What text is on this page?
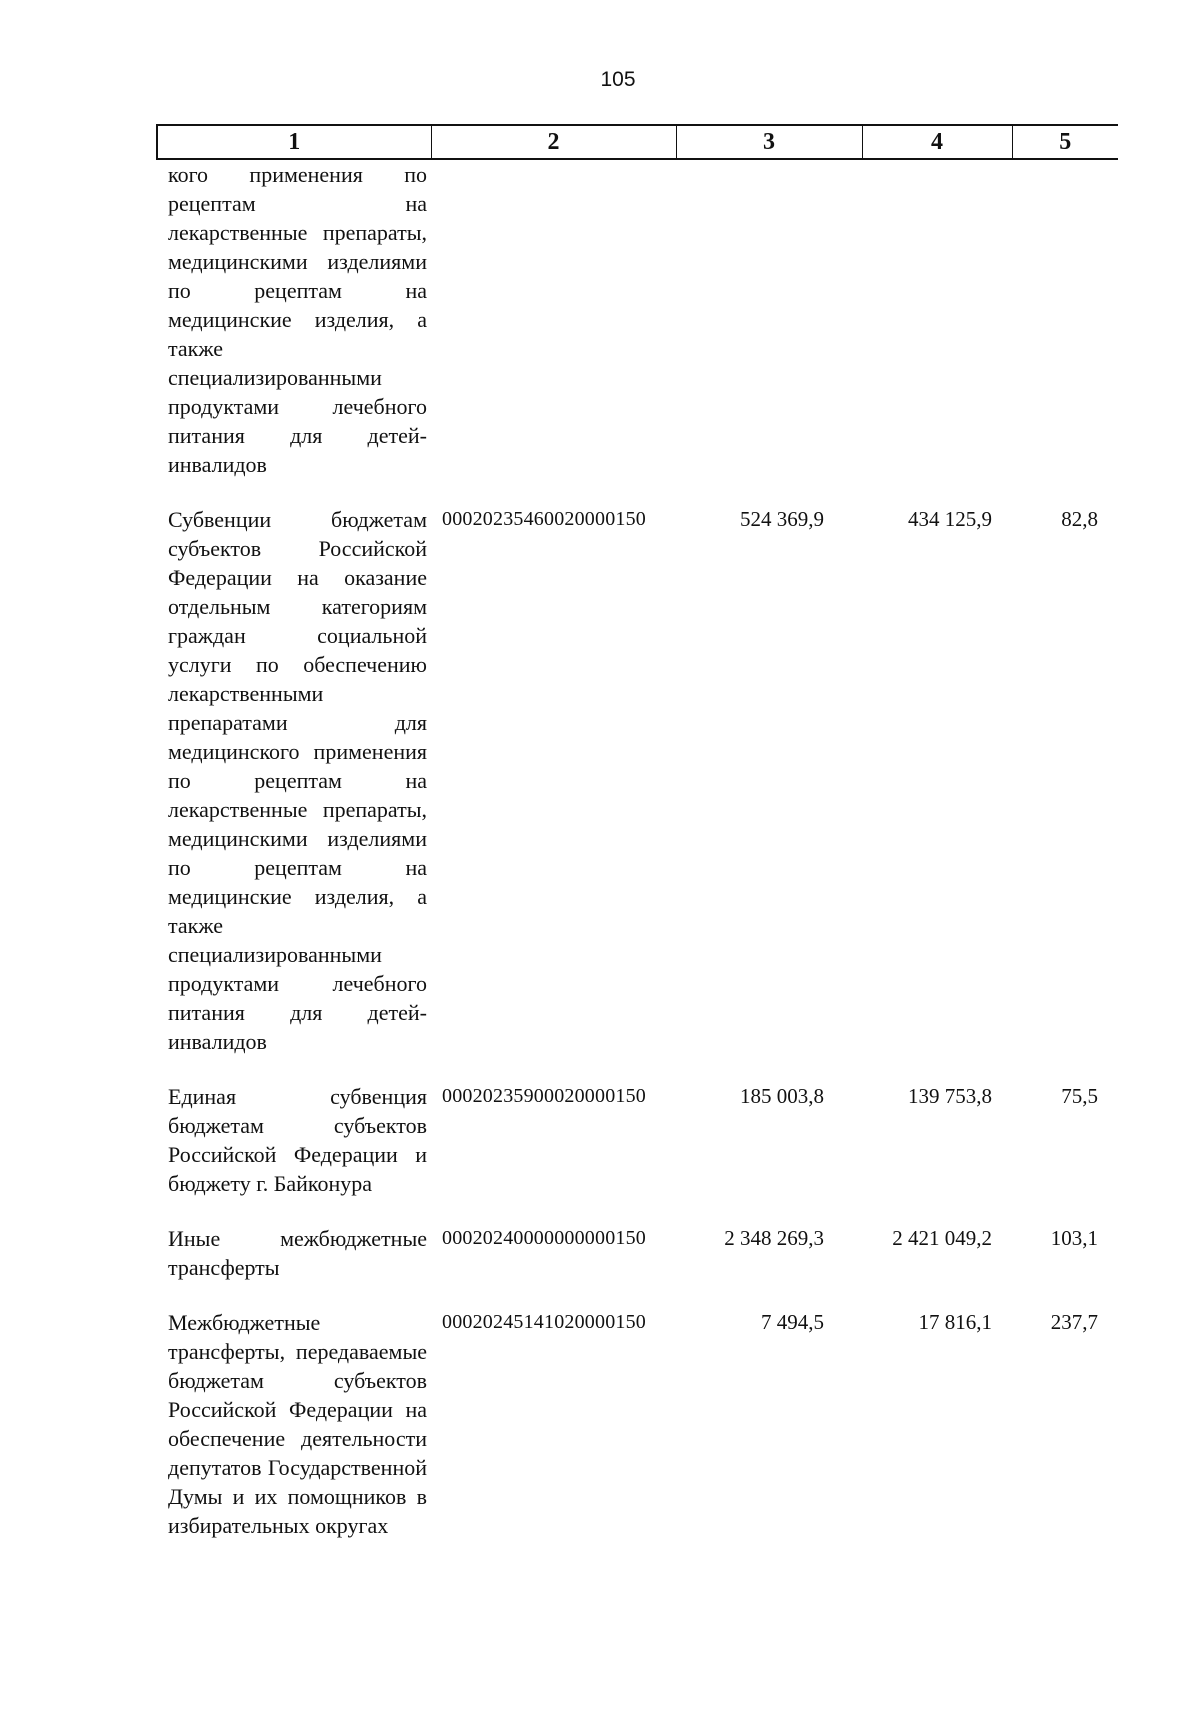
105
1	2	3	4	5
кого применения по рецептам на лекарственные препараты, медицинскими изделиями по рецептам на медицинские изделия, а также специализированными продуктами лечебного питания для детей-инвалидов				
Субвенции бюджетам субъектов Российской Федерации на оказание отдельным категориям граждан социальной услуги по обеспечению лекарственными препаратами для медицинского применения по рецептам на лекарственные препараты, медицинскими изделиями по рецептам на медицинские изделия, а также специализированными продуктами лечебного питания для детей-инвалидов	00020235460020000150	524 369,9	434 125,9	82,8
Единая субвенция бюджетам субъектов Российской Федерации и бюджету г. Байконура	00020235900020000150	185 003,8	139 753,8	75,5
Иные межбюджетные трансферты	00020240000000000150	2 348 269,3	2 421 049,2	103,1
Межбюджетные трансферты, передаваемые бюджетам субъектов Российской Федерации на обеспечение деятельности депутатов Государственной Думы и их помощников в избирательных округах	00020245141020000150	7 494,5	17 816,1	237,7
